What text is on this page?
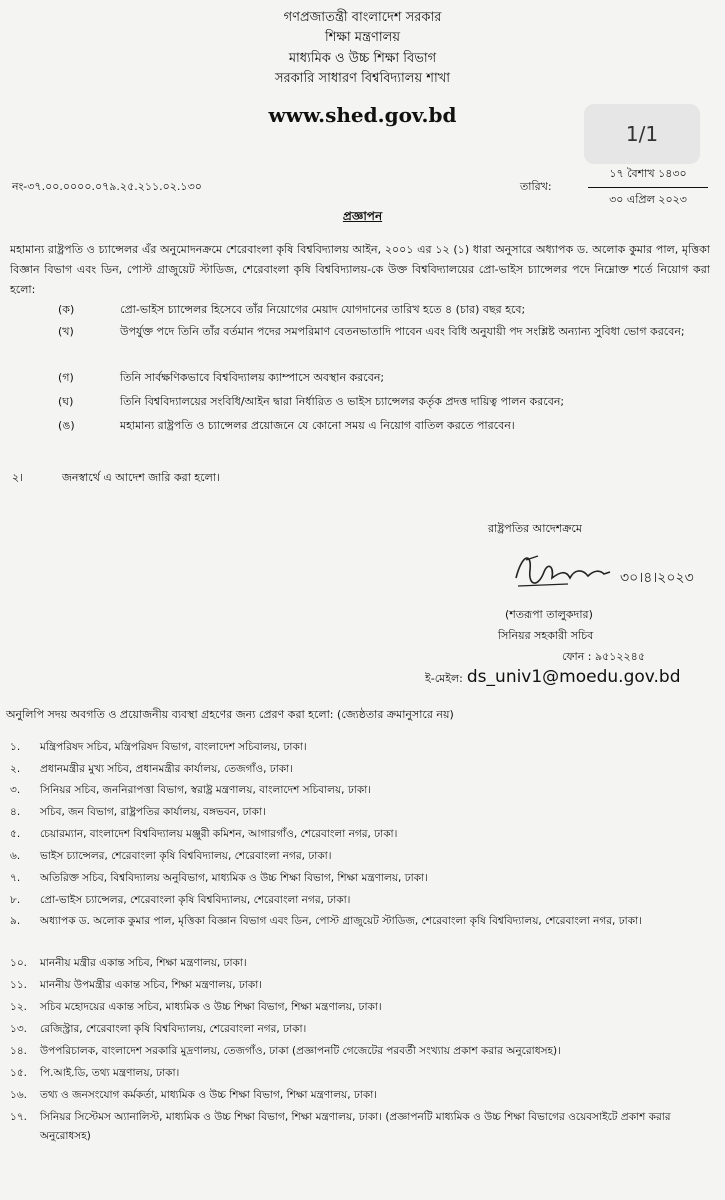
গণপ্রজাতন্ত্রী বাংলাদেশ সরকার
শিক্ষা মন্ত্রণালয়
মাধ্যমিক ও উচ্চ শিক্ষা বিভাগ
সরকারি সাধারণ বিশ্ববিদ্যালয় শাখা
www.shed.gov.bd
1/1
নং-৩৭.০০.০০০০.০৭৯.২৫.২১১.০২.১৩০	তারিখ:
১৭ বৈশাখ ১৪৩০
৩০ এপ্রিল ২০২৩
প্রজ্ঞাপন
মহামান্য রাষ্ট্রপতি ও চ্যান্সেলর এঁর অনুমোদনক্রমে শেরেবাংলা কৃষি বিশ্ববিদ্যালয় আইন, ২০০১ এর ১২ (১) ধারা অনুসারে অধ্যাপক ড. অলোক কুমার পাল, মৃত্তিকা বিজ্ঞান বিভাগ এবং ডিন, পোস্ট গ্রাজুয়েট স্টাডিজ, শেরেবাংলা কৃষি বিশ্ববিদ্যালয়-কে উক্ত বিশ্ববিদ্যালয়ের প্রো-ভাইস চ্যান্সেলর পদে নিম্নোক্ত শর্তে নিয়োগ করা হলো:
(ক)	প্রো-ভাইস চ্যান্সেলর হিসেবে তাঁর নিয়োগের মেয়াদ যোগদানের তারিখ হতে ৪ (চার) বছর হবে;
(খ)	উপর্যুক্ত পদে তিনি তাঁর বর্তমান পদের সমপরিমাণ বেতনভাতাদি পাবেন এবং বিধি অনুযায়ী পদ সংশ্লিষ্ট অন্যান্য সুবিধা ভোগ করবেন;
(গ)	তিনি সার্বক্ষণিকভাবে বিশ্ববিদ্যালয় ক্যাম্পাসে অবস্থান করবেন;
(ঘ)	তিনি বিশ্ববিদ্যালয়ের সংবিধি/আইন দ্বারা নির্ধারিত ও ভাইস চ্যান্সেলর কর্তৃক প্রদত্ত দায়িত্ব পালন করবেন;
(ঙ)	মহামান্য রাষ্ট্রপতি ও চ্যান্সেলর প্রয়োজনে যে কোনো সময় এ নিয়োগ বাতিল করতে পারবেন।
২।	জনস্বার্থে এ আদেশ জারি করা হলো।
রাষ্ট্রপতির আদেশক্রমে
৩০।৪।২০২৩
(শতরূপা তালুকদার)
সিনিয়র সহকারী সচিব
ফোন : ৯৫১২২৪৫
ই-মেইল: ds_univ1@moedu.gov.bd
অনুলিপি সদয় অবগতি ও প্রয়োজনীয় ব্যবস্থা গ্রহণের জন্য প্রেরণ করা হলো: (জ্যেষ্ঠতার ক্রমানুসারে নয়)
১. মন্ত্রিপরিষদ সচিব, মন্ত্রিপরিষদ বিভাগ, বাংলাদেশ সচিবালয়, ঢাকা।
২. প্রধানমন্ত্রীর মুখ্য সচিব, প্রধানমন্ত্রীর কার্যালয়, তেজগাঁও, ঢাকা।
৩. সিনিয়র সচিব, জননিরাপত্তা বিভাগ, স্বরাষ্ট্র মন্ত্রণালয়, বাংলাদেশ সচিবালয়, ঢাকা।
৪. সচিব, জন বিভাগ, রাষ্ট্রপতির কার্যালয়, বঙ্গভবন, ঢাকা।
৫. চেয়ারম্যান, বাংলাদেশ বিশ্ববিদ্যালয় মঞ্জুরী কমিশন, আগারগাঁও, শেরেবাংলা নগর, ঢাকা।
৬. ভাইস চ্যান্সেলর, শেরেবাংলা কৃষি বিশ্ববিদ্যালয়, শেরেবাংলা নগর, ঢাকা।
৭. অতিরিক্ত সচিব, বিশ্ববিদ্যালয় অনুবিভাগ, মাধ্যমিক ও উচ্চ শিক্ষা বিভাগ, শিক্ষা মন্ত্রণালয়, ঢাকা।
৮. প্রো-ভাইস চ্যান্সেলর, শেরেবাংলা কৃষি বিশ্ববিদ্যালয়, শেরেবাংলা নগর, ঢাকা।
৯. অধ্যাপক ড. অলোক কুমার পাল, মৃত্তিকা বিজ্ঞান বিভাগ এবং ডিন, পোস্ট গ্রাজুয়েট স্টাডিজ, শেরেবাংলা কৃষি বিশ্ববিদ্যালয়, শেরেবাংলা নগর, ঢাকা।
১০. মাননীয় মন্ত্রীর একান্ত সচিব, শিক্ষা মন্ত্রণালয়, ঢাকা।
১১. মাননীয় উপমন্ত্রীর একান্ত সচিব, শিক্ষা মন্ত্রণালয়, ঢাকা।
১২. সচিব মহোদয়ের একান্ত সচিব, মাধ্যমিক ও উচ্চ শিক্ষা বিভাগ, শিক্ষা মন্ত্রণালয়, ঢাকা।
১৩. রেজিস্ট্রার, শেরেবাংলা কৃষি বিশ্ববিদ্যালয়, শেরেবাংলা নগর, ঢাকা।
১৪. উপপরিচালক, বাংলাদেশ সরকারি মুদ্রণালয়, তেজগাঁও, ঢাকা (প্রজ্ঞাপনটি গেজেটের পরবর্তী সংখ্যায় প্রকাশ করার অনুরোধসহ)।
১৫. পি.আই.ডি, তথ্য মন্ত্রণালয়, ঢাকা।
১৬. তথ্য ও জনসংযোগ কর্মকর্তা, মাধ্যমিক ও উচ্চ শিক্ষা বিভাগ, শিক্ষা মন্ত্রণালয়, ঢাকা।
১৭. সিনিয়র সিস্টেমস অ্যানালিস্ট, মাধ্যমিক ও উচ্চ শিক্ষা বিভাগ, শিক্ষা মন্ত্রণালয়, ঢাকা। (প্রজ্ঞাপনটি মাধ্যমিক ও উচ্চ শিক্ষা বিভাগের ওয়েবসাইটে প্রকাশ করার অনুরোধসহ)
